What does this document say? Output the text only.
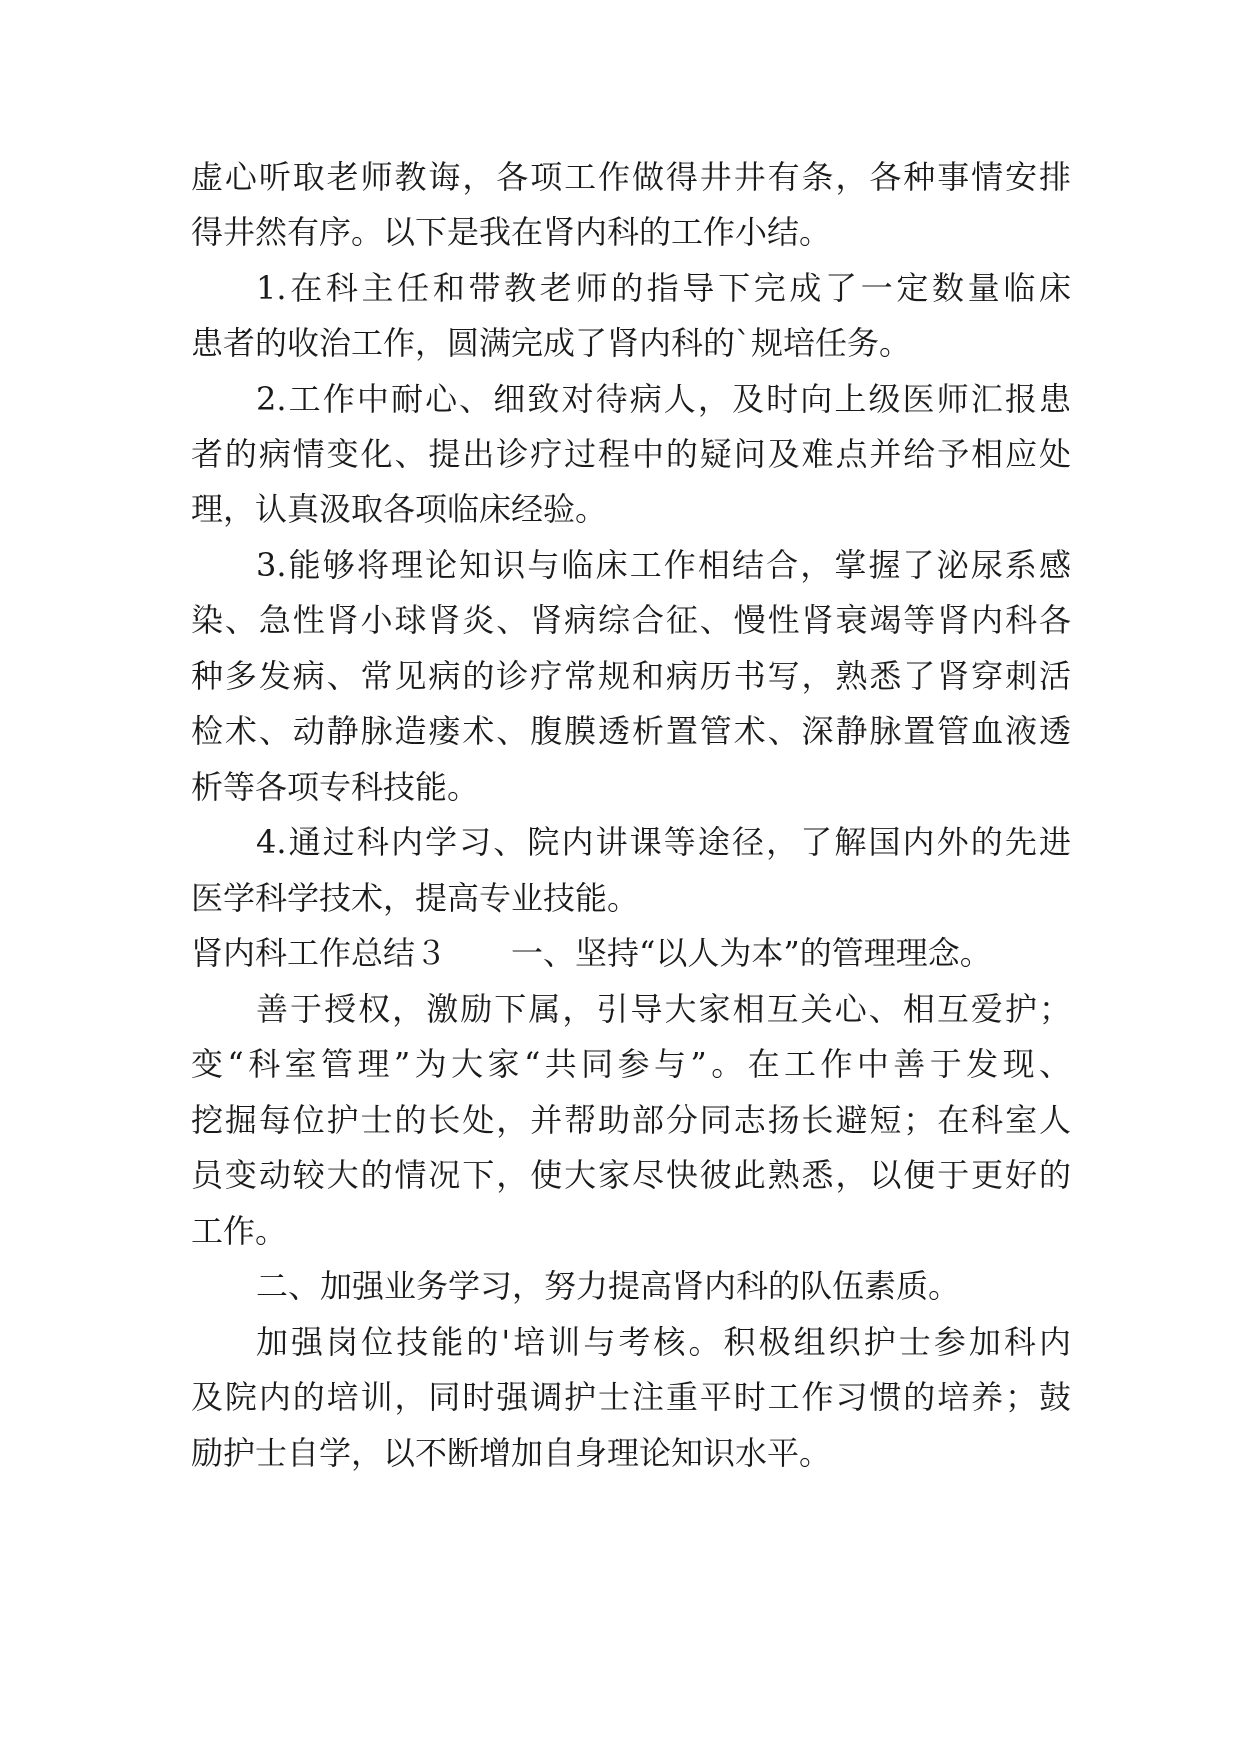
虚心听取老师教诲，各项工作做得井井有条，各种事情安排

得井然有序。以下是我在肾内科的工作小结。

1.在科主任和带教老师的指导下完成了一定数量临床

患者的收治工作，圆满完成了肾内科的`规培任务。

2.工作中耐心、细致对待病人，及时向上级医师汇报患

者的病情变化、提出诊疗过程中的疑问及难点并给予相应处

理，认真汲取各项临床经验。

3.能够将理论知识与临床工作相结合，掌握了泌尿系感

染、急性肾小球肾炎、肾病综合征、慢性肾衰竭等肾内科各

种多发病、常见病的诊疗常规和病历书写，熟悉了肾穿刺活

检术、动静脉造瘘术、腹膜透析置管术、深静脉置管血液透

析等各项专科技能。

4.通过科内学习、院内讲课等途径，了解国内外的先进

医学科学技术，提高专业技能。

肾内科工作总结３ 一、坚持“以人为本”的管理理念。

善于授权，激励下属，引导大家相互关心、相互爱护；

变“科室管理”为大家“共同参与”。在工作中善于发现、

挖掘每位护士的长处，并帮助部分同志扬长避短；在科室人

员变动较大的情况下，使大家尽快彼此熟悉，以便于更好的

工作。

二、加强业务学习，努力提高肾内科的队伍素质。

加强岗位技能的'培训与考核。积极组织护士参加科内

及院内的培训，同时强调护士注重平时工作习惯的培养；鼓

励护士自学，以不断增加自身理论知识水平。
